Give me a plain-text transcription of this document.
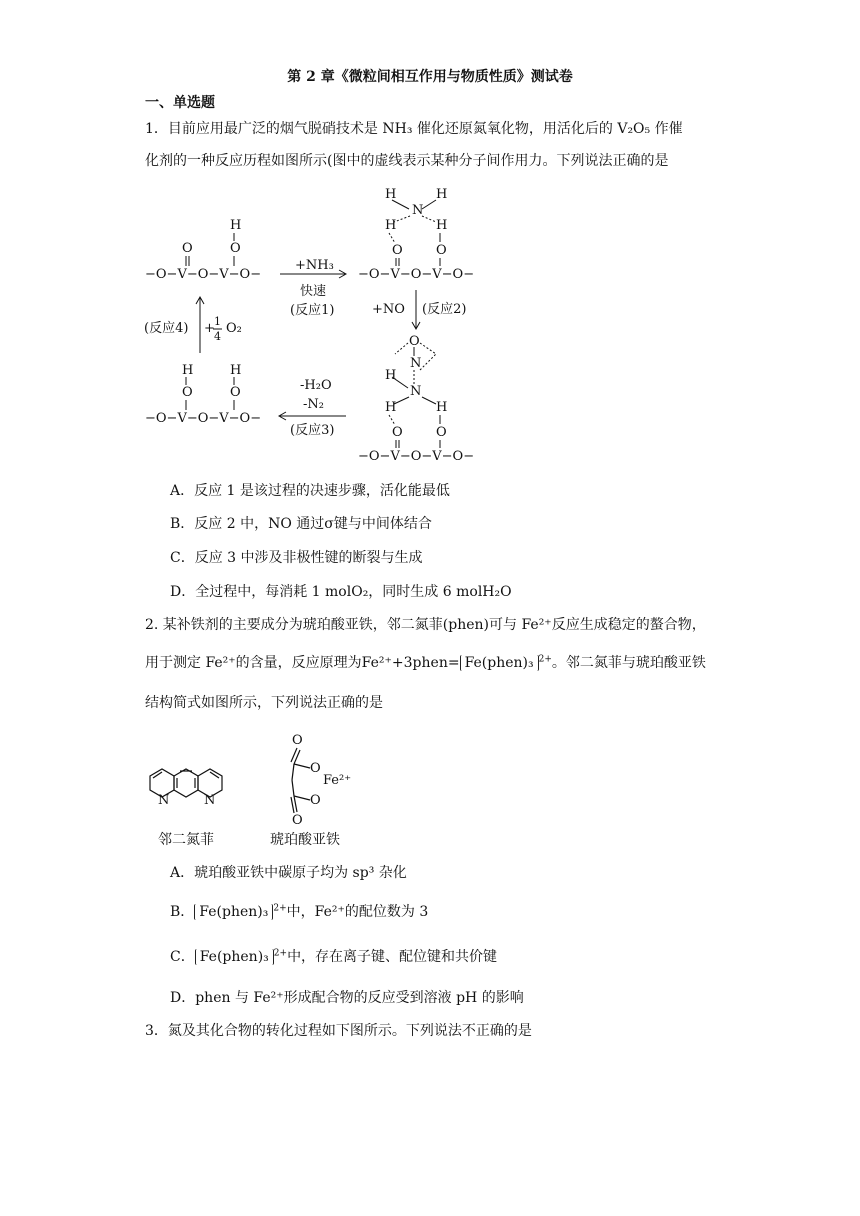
第 2 章《微粒间相互作用与物质性质》测试卷
一、单选题
1．目前应用最广泛的烟气脱硝技术是 NH₃ 催化还原氮氧化物，用活化后的 V₂O₅ 作催
化剂的一种反应历程如图所示(图中的虚线表示某种分子间作用力。下列说法正确的是
−O−V−O−V−O−
O
H
O
−O−V−O−V−O−
H	H
N
H	H
O	O
+NH₃
快速
(反应1)	+NO (反应2)
(反应4) + 1
4
O₂
O
N
H
N
H	H
O	O
−O−V−O−V−O−
H	H
O	O
−O−V−O−V−O−
-H₂O
-N₂
(反应3)
A．反应 1 是该过程的决速步骤，活化能最低
B．反应 2 中，NO 通过σ键与中间体结合
C．反应 3 中涉及非极性键的断裂与生成
D．全过程中，每消耗 1 molO₂，同时生成 6 molH₂O
2. 某补铁剂的主要成分为琥珀酸亚铁，邻二氮菲(phen)可与 Fe²⁺反应生成稳定的螯合物，
用于测定 Fe²⁺的含量，反应原理为Fe²⁺+3phen= Fe(phen)₃ $^{2+}$。邻二氮菲与琥珀酸亚铁
结构简式如图所示，下列说法正确的是
N	N
O
O
Fe²⁺
O
O
邻二氮菲	琥珀酸亚铁
A．琥珀酸亚铁中碳原子均为 sp³ 杂化
B． Fe(phen)₃ $^{2+}$中，Fe²⁺的配位数为 3
C． Fe(phen)₃ $^{2+}$中，存在离子键、配位键和共价键
D．phen 与 Fe²⁺形成配合物的反应受到溶液 pH 的影响
3．氮及其化合物的转化过程如下图所示。下列说法不正确的是
